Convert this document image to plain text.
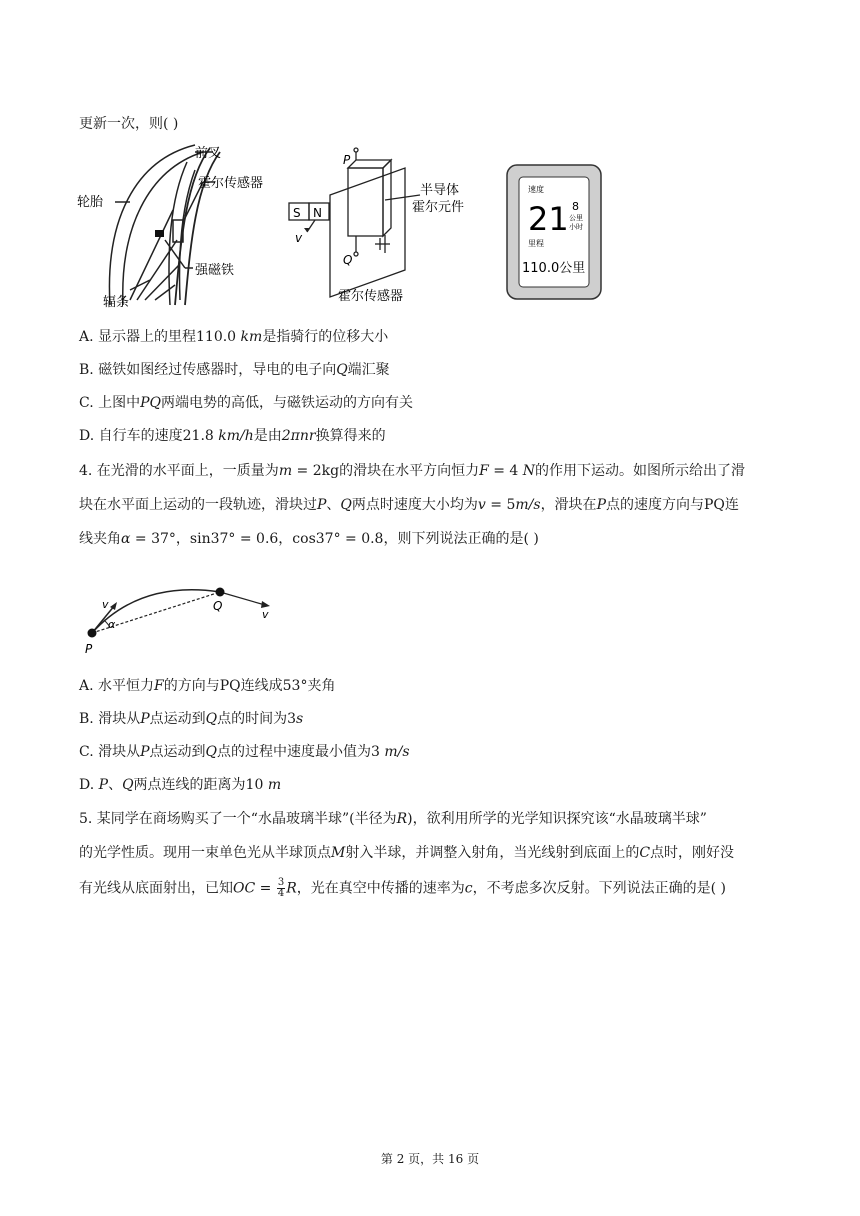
更新一次，则( )
前叉
霍尔传感器
轮胎
强磁铁
辐条
S N
v
P
Q
半导体
霍尔元件
霍尔传感器
速度
21 8
公里
小时
里程
110.0公里
A. 显示器上的里程110.0 km是指骑行的位移大小
B. 磁铁如图经过传感器时，导电的电子向Q端汇聚
C. 上图中PQ两端电势的高低，与磁铁运动的方向有关
D. 自行车的速度21.8 km/h是由2πnr换算得来的
4. 在光滑的水平面上，一质量为m = 2kg的滑块在水平方向恒力F = 4 N的作用下运动。如图所示给出了滑
块在水平面上运动的一段轨迹，滑块过P、Q两点时速度大小均为v = 5m/s，滑块在P点的速度方向与PQ连
线夹角α = 37°，sin37° = 0.6，cos37° = 0.8，则下列说法正确的是( )
v
α
Q
v
P
A. 水平恒力F的方向与PQ连线成53°夹角
B. 滑块从P点运动到Q点的时间为3s
C. 滑块从P点运动到Q点的过程中速度最小值为3 m/s
D. P、Q两点连线的距离为10 m
5. 某同学在商场购买了一个“水晶玻璃半球”(半径为R)，欲利用所学的光学知识探究该“水晶玻璃半球”
的光学性质。现用一束单色光从半球顶点M射入半球，并调整入射角，当光线射到底面上的C点时，刚好没
有光线从底面射出，已知OC = $\frac{3}{4}$ R，光在真空中传播的速率为c，不考虑多次反射。下列说法正确的是( )
第 2 页，共 16 页
